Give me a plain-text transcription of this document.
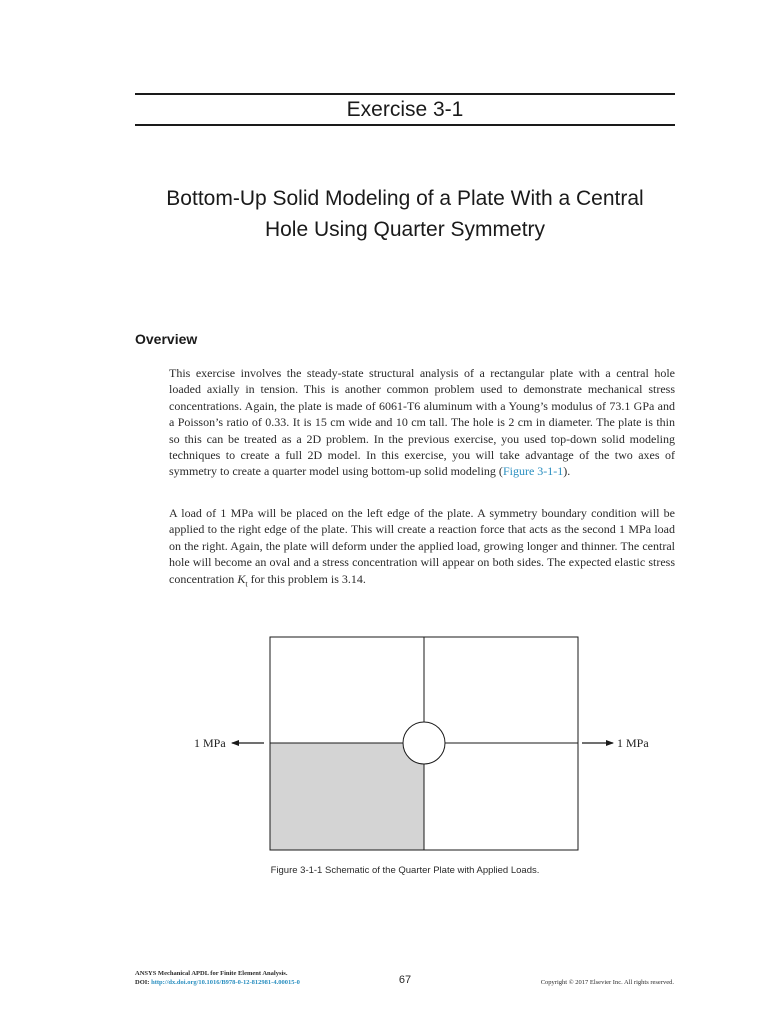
Exercise 3-1
Bottom-Up Solid Modeling of a Plate With a Central
Hole Using Quarter Symmetry
Overview

This exercise involves the steady-state structural analysis of a rectangular plate with a central hole loaded axially in tension. This is another common problem used to demonstrate mechanical stress concentrations. Again, the plate is made of 6061-T6 aluminum with a Young’s modulus of 73.1 GPa and a Poisson’s ratio of 0.33. It is 15 cm wide and 10 cm tall. The hole is 2 cm in diameter. The plate is thin so this can be treated as a 2D problem. In the previous exercise, you used top-down solid modeling techniques to create a full 2D model. In this exercise, you will take advantage of the two axes of symmetry to create a quarter model using bottom-up solid modeling (Figure 3-1-1).

A load of 1 MPa will be placed on the left edge of the plate. A symmetry boundary condition will be applied to the right edge of the plate. This will create a reaction force that acts as the second 1 MPa load on the right. Again, the plate will deform under the applied load, growing longer and thinner. The central hole will become an oval and a stress concentration will appear on both sides. The expected elastic stress concentration $K_t$ for this problem is 3.14.

1 MPa	1 MPa
Figure 3-1-1 Schematic of the Quarter Plate with Applied Loads.
ANSYS Mechanical APDL for Finite Element Analysis.
DOI: http://dx.doi.org/10.1016/B978-0-12-812981-4.00015-0	67	Copyright © 2017 Elsevier Inc. All rights reserved.
